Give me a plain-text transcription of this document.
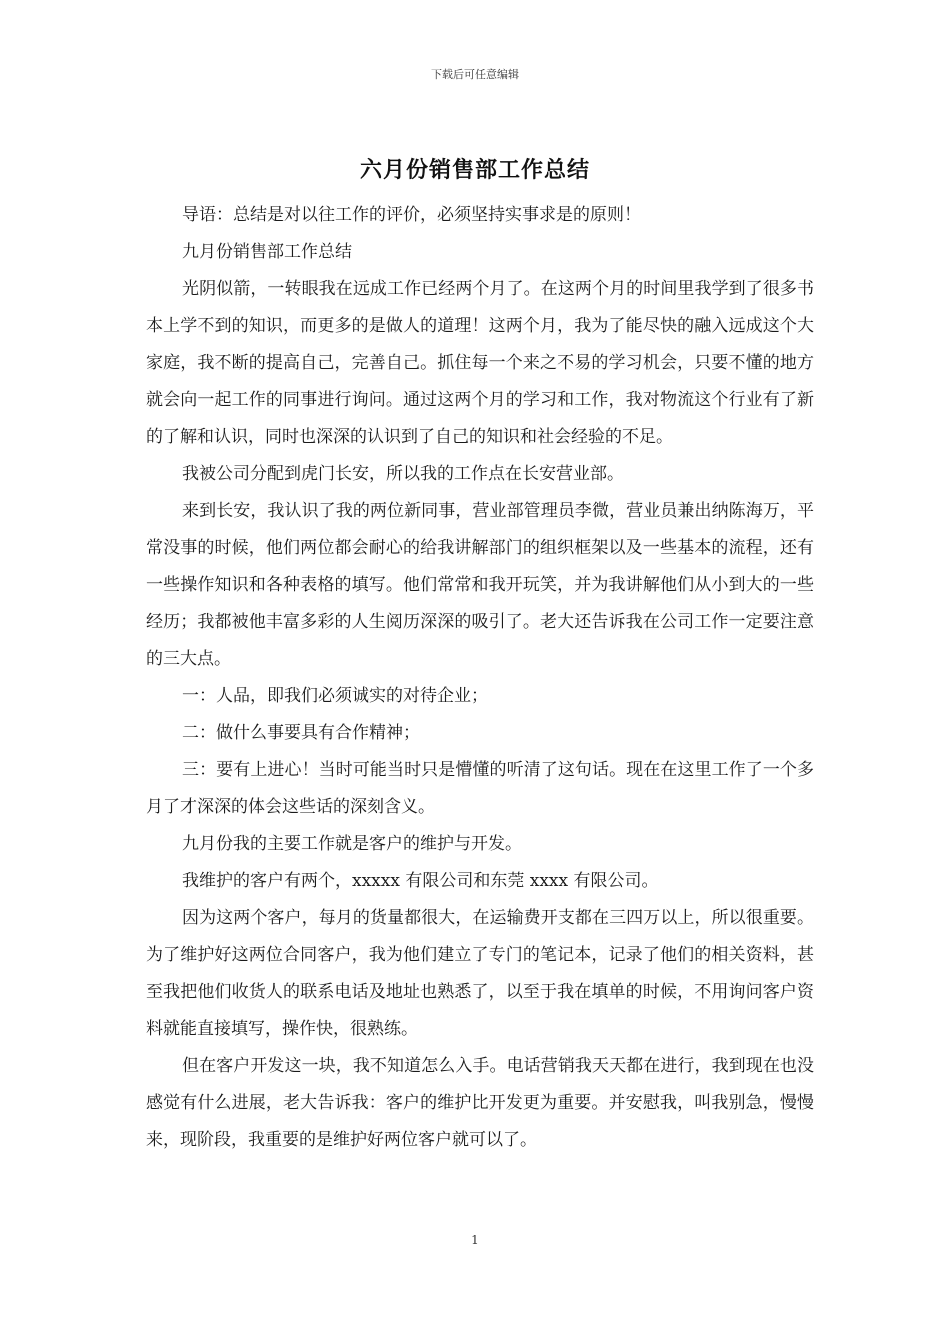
下载后可任意编辑
六月份销售部工作总结

导语：总结是对以往工作的评价，必须坚持实事求是的原则！

九月份销售部工作总结

光阴似箭，一转眼我在远成工作已经两个月了。在这两个月的时间里我学到了很多书本上学不到的知识，而更多的是做人的道理！这两个月，我为了能尽快的融入远成这个大家庭，我不断的提高自己，完善自己。抓住每一个来之不易的学习机会，只要不懂的地方就会向一起工作的同事进行询问。通过这两个月的学习和工作，我对物流这个行业有了新的了解和认识，同时也深深的认识到了自己的知识和社会经验的不足。

我被公司分配到虎门长安，所以我的工作点在长安营业部。

来到长安，我认识了我的两位新同事，营业部管理员李微，营业员兼出纳陈海万，平常没事的时候，他们两位都会耐心的给我讲解部门的组织框架以及一些基本的流程，还有一些操作知识和各种表格的填写。他们常常和我开玩笑，并为我讲解他们从小到大的一些经历；我都被他丰富多彩的人生阅历深深的吸引了。老大还告诉我在公司工作一定要注意的三大点。

一：人品，即我们必须诚实的对待企业；

二：做什么事要具有合作精神；

三：要有上进心！当时可能当时只是懵懂的听清了这句话。现在在这里工作了一个多月了才深深的体会这些话的深刻含义。

九月份我的主要工作就是客户的维护与开发。

我维护的客户有两个，xxxxx 有限公司和东莞 xxxx 有限公司。

因为这两个客户，每月的货量都很大，在运输费开支都在三四万以上，所以很重要。为了维护好这两位合同客户，我为他们建立了专门的笔记本，记录了他们的相关资料，甚至我把他们收货人的联系电话及地址也熟悉了，以至于我在填单的时候，不用询问客户资料就能直接填写，操作快，很熟练。

但在客户开发这一块，我不知道怎么入手。电话营销我天天都在进行，我到现在也没感觉有什么进展，老大告诉我：客户的维护比开发更为重要。并安慰我，叫我别急，慢慢来，现阶段，我重要的是维护好两位客户就可以了。

1
